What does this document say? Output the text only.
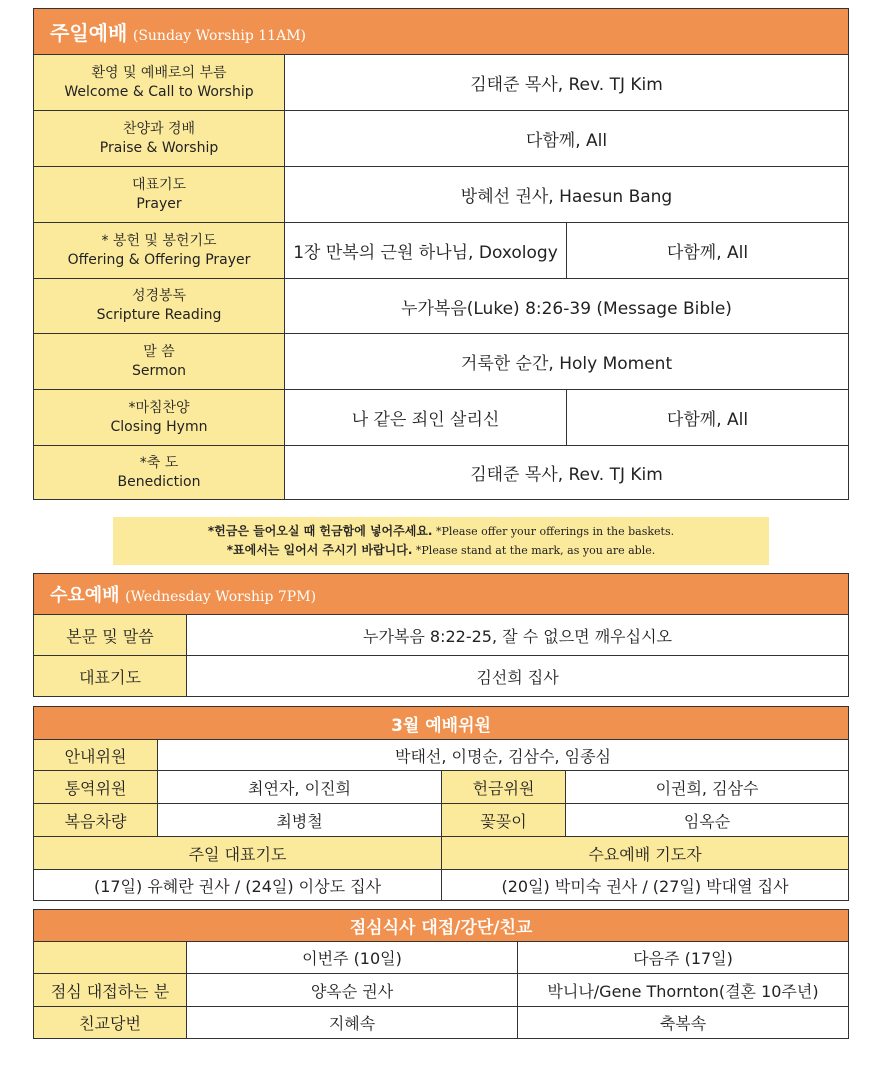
주일예배 (Sunday Worship 11AM)		

환영 및 예배로의 부름
Welcome & Call to Worship	김태준 목사, Rev. TJ Kim	

찬양과 경배
Praise & Worship	다함께, All	

대표기도
Prayer	방혜선 권사, Haesun Bang	

* 봉헌 및 봉헌기도
Offering & Offering Prayer	1장 만복의 근원 하나님, Doxology	다함께, All

성경봉독
Scripture Reading	누가복음(Luke) 8:26-39 (Message Bible)	

말 씀
Sermon	거룩한 순간, Holy Moment	

*마침찬양
Closing Hymn	나 같은 죄인 살리신	다함께, All

*축 도
Benediction	김태준 목사, Rev. TJ Kim	
*헌금은 들어오실 때 헌금함에 넣어주세요. *Please offer your offerings in the baskets.
*표에서는 일어서 주시기 바랍니다. *Please stand at the mark, as you are able.
수요예배 (Wednesday Worship 7PM)	
본문 및 말씀	누가복음 8:22-25, 잘 수 없으면 깨우십시오
대표기도	김선희 집사
3월 예배위원			
안내위원	박태선, 이명순, 김삼수, 임종심		
통역위원	최연자, 이진희	헌금위원	이권희, 김삼수
복음차량	최병철	꽃꽂이	임옥순
주일 대표기도		수요예배 기도자	
(17일) 유혜란 권사 / (24일) 이상도 집사		(20일) 박미숙 권사 / (27일) 박대열 집사	
점심식사 대접/강단/친교		
	이번주 (10일)	다음주 (17일)
점심 대접하는 분	양옥순 권사	박니나/Gene Thornton(결혼 10주년)
친교당번	지혜속	축복속
